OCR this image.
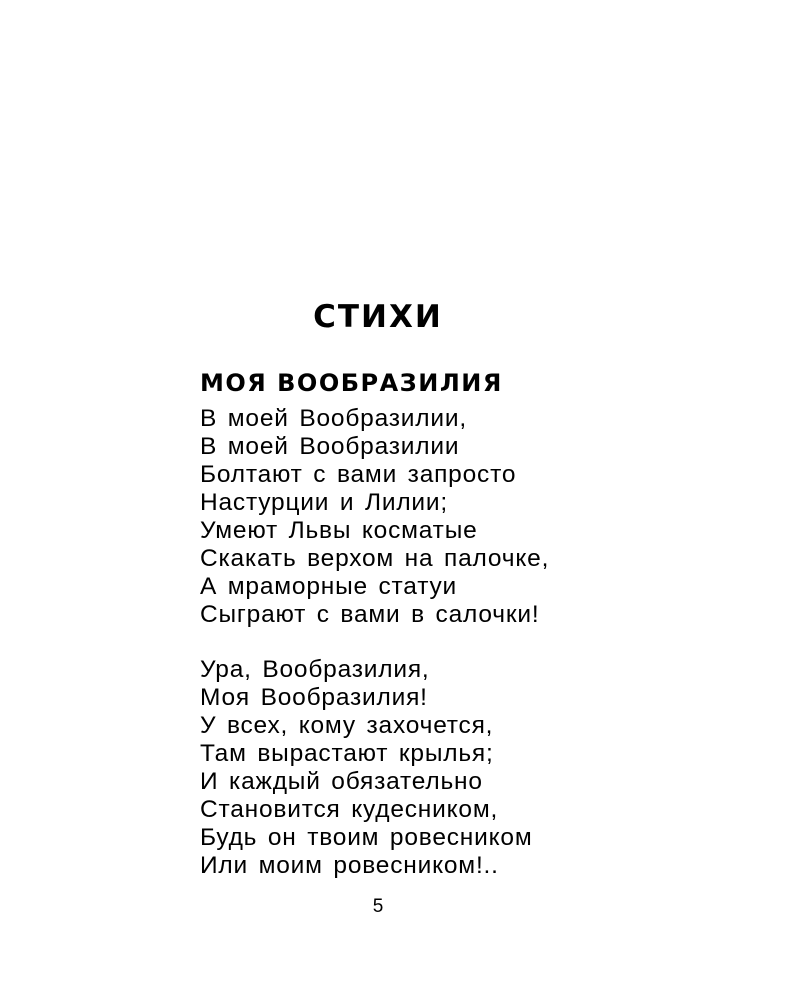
СТИХИ
МОЯ ВООБРАЗИЛИЯ
В моей Вообразилии,
В моей Вообразилии
Болтают с вами запросто
Настурции и Лилии;
Умеют Львы косматые
Скакать верхом на палочке,
А мраморные статуи
Сыграют с вами в салочки!
Ура, Вообразилия,
Моя Вообразилия!
У всех, кому захочется,
Там вырастают крылья;
И каждый обязательно
Становится кудесником,
Будь он твоим ровесником
Или моим ровесником!..
5
